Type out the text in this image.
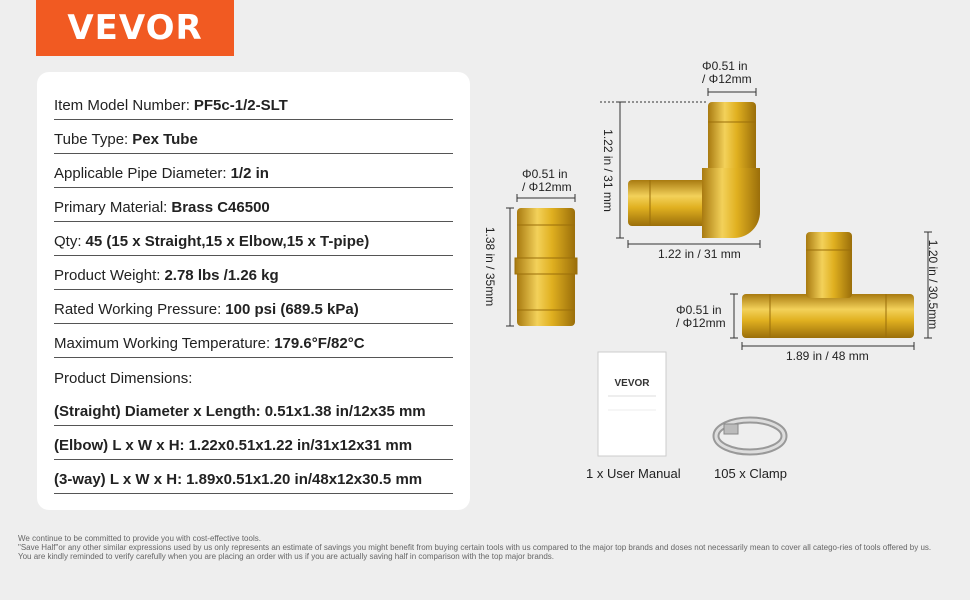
VEVOR
Item Model Number: PF5c-1/2-SLT
Tube Type: Pex Tube
Applicable Pipe Diameter: 1/2 in
Primary Material: Brass C46500
Qty: 45 (15 x Straight,15 x Elbow,15 x T-pipe)
Product Weight: 2.78 lbs /1.26 kg
Rated Working Pressure: 100 psi (689.5 kPa)
Maximum Working Temperature: 179.6°F/82°C
Product Dimensions:
(Straight) Diameter x Length: 0.51x1.38 in/12x35 mm
(Elbow) L x W x H: 1.22x0.51x1.22 in/31x12x31 mm
(3-way) L x W x H: 1.89x0.51x1.20 in/48x12x30.5 mm
VEVOR
Φ0.51 in
/ Φ12mm
1.38 in / 35mm
Φ0.51 in
/ Φ12mm
1.22 in / 31 mm
1.22 in / 31 mm	1.20 in / 30.5mm
Φ0.51 in
/ Φ12mm
1.89 in / 48 mm
1 x User Manual	105 x Clamp

We continue to be committed to provide you with cost-effective tools.

"Save Half"or any other similar expressions used by us only represents an estimate of savings you might benefit from buying certain tools with us compared to the major top brands and doses not necessarily mean to cover all catego-ries of tools offered by us.

You are kindly reminded to verify carefully when you are placing an order with us if you are actually saving half in comparison with the top major brands.
